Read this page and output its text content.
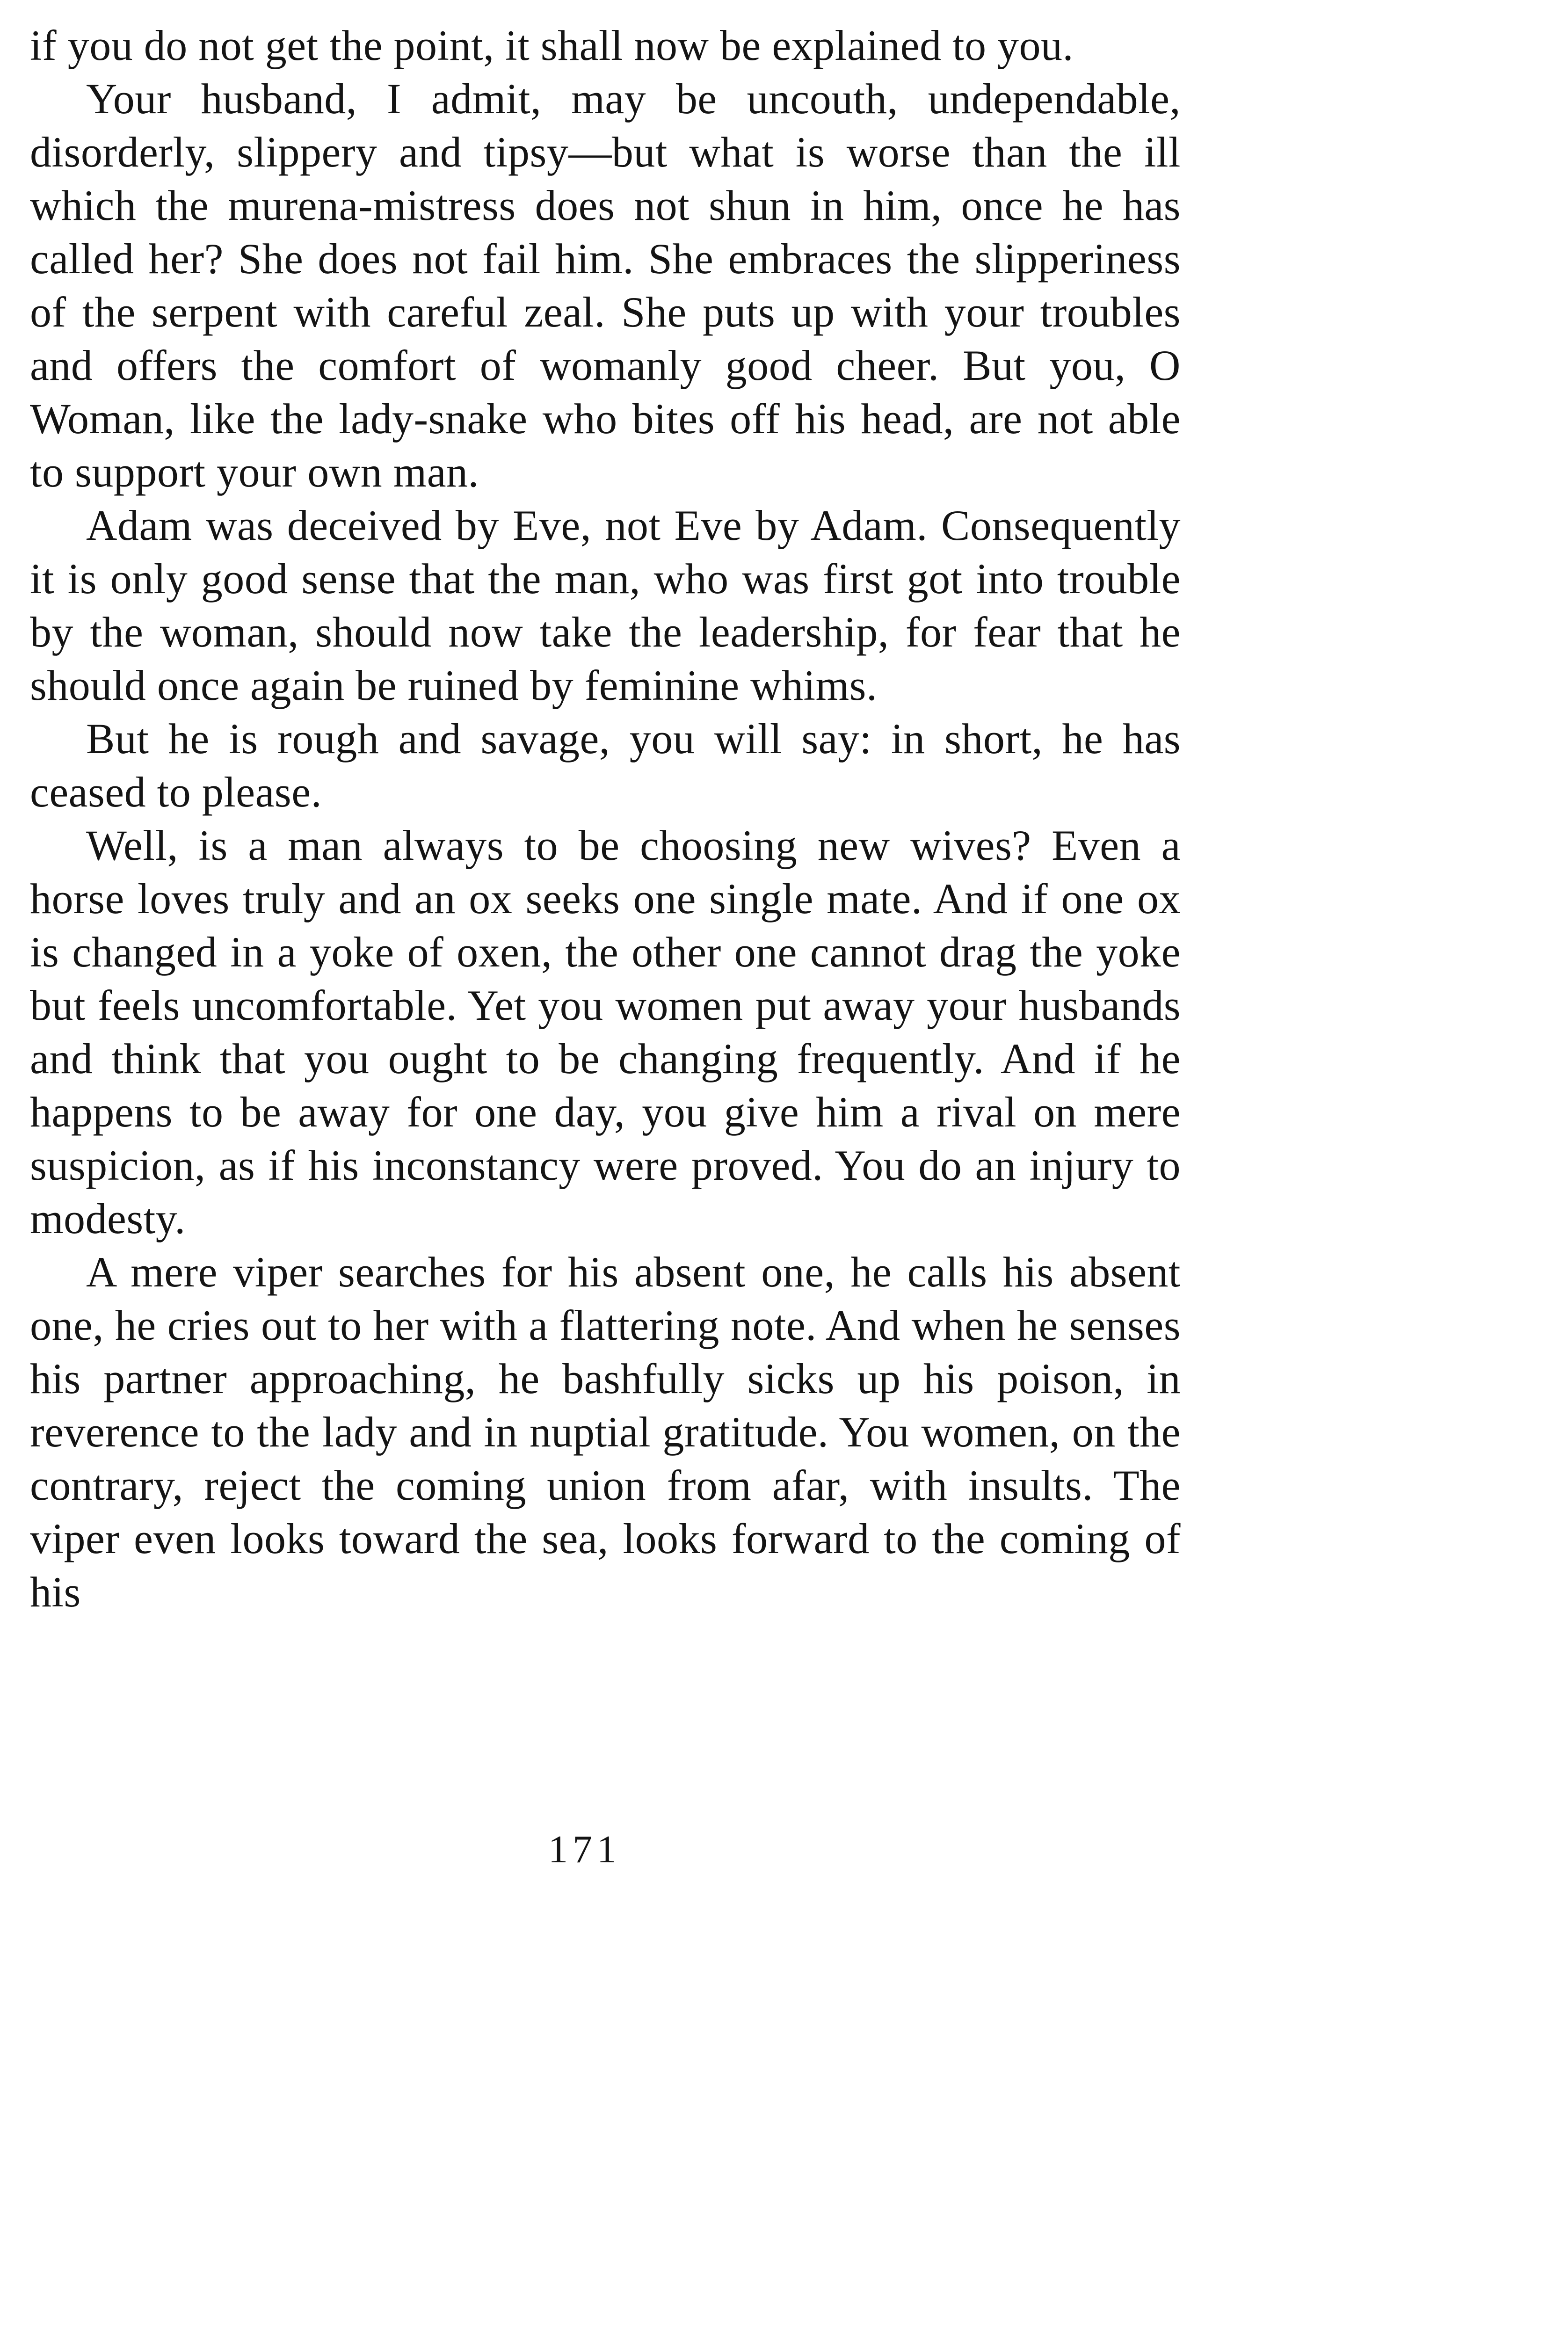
if you do not get the point, it shall now be explained to you.

Your husband, I admit, may be uncouth, undependable, disorderly, slippery and tipsy—but what is worse than the ill which the murena-mistress does not shun in him, once he has called her? She does not fail him. She embraces the slipperiness of the serpent with careful zeal. She puts up with your troubles and offers the comfort of womanly good cheer. But you, O Woman, like the lady-snake who bites off his head, are not able to support your own man.

Adam was deceived by Eve, not Eve by Adam. Consequently it is only good sense that the man, who was first got into trouble by the woman, should now take the leadership, for fear that he should once again be ruined by feminine whims.

But he is rough and savage, you will say: in short, he has ceased to please.

Well, is a man always to be choosing new wives? Even a horse loves truly and an ox seeks one single mate. And if one ox is changed in a yoke of oxen, the other one cannot drag the yoke but feels uncomfortable. Yet you women put away your husbands and think that you ought to be changing frequently. And if he happens to be away for one day, you give him a rival on mere suspicion, as if his inconstancy were proved. You do an injury to modesty.

A mere viper searches for his absent one, he calls his absent one, he cries out to her with a flattering note. And when he senses his partner approaching, he bashfully sicks up his poison, in reverence to the lady and in nuptial gratitude. You women, on the contrary, reject the coming union from afar, with insults. The viper even looks toward the sea, looks forward to the coming of his

171
